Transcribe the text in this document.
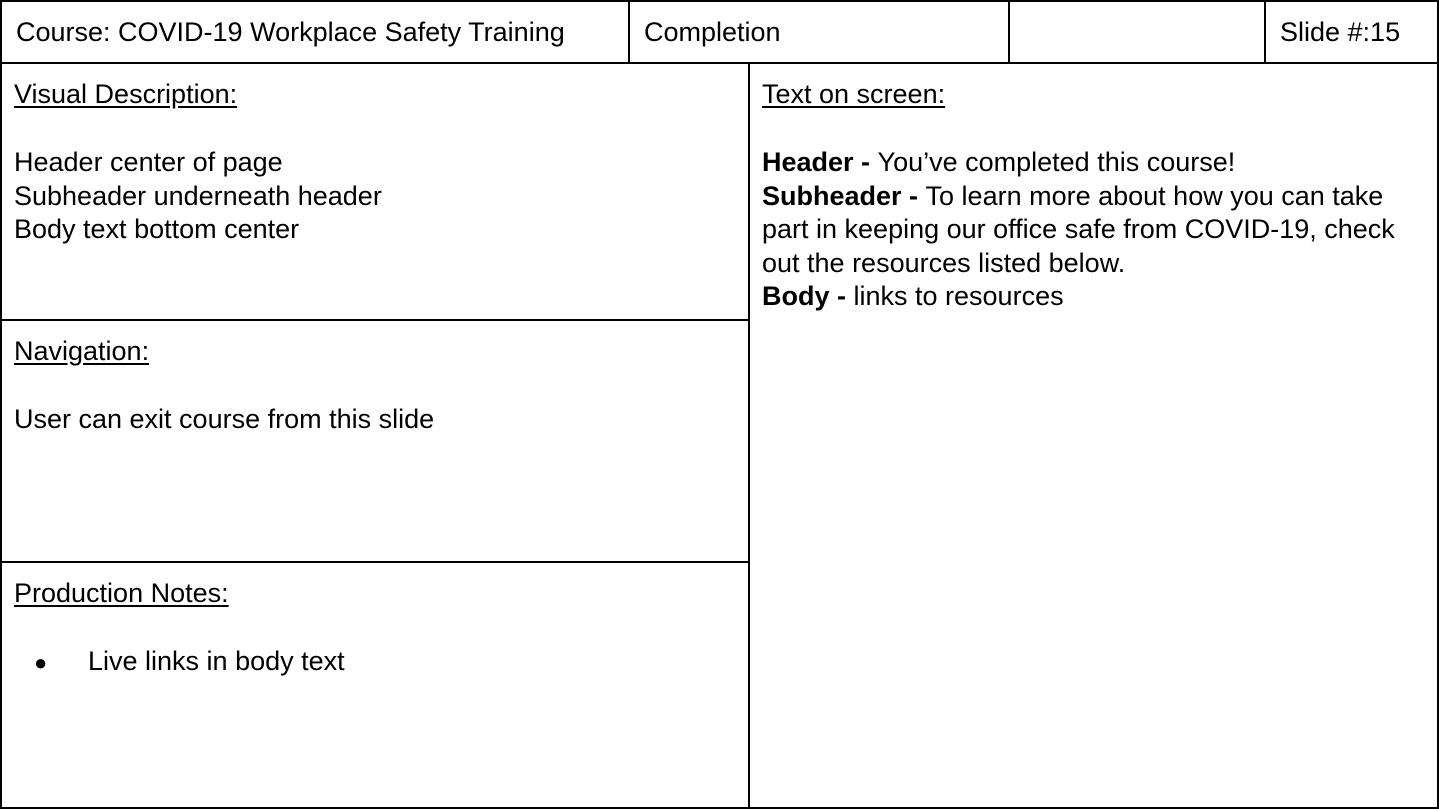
Course: COVID-19 Workplace Safety Training	Completion	Slide #:15
Visual Description:
Header center of page
Subheader underneath header
Body text bottom center
Navigation:
User can exit course from this slide
Production Notes:
●	Live links in body text
Text on screen:

Header - You’ve completed this course!

Subheader - To learn more about how you can take part in keeping our office safe from COVID-19, check out the resources listed below.

Body - links to resources
